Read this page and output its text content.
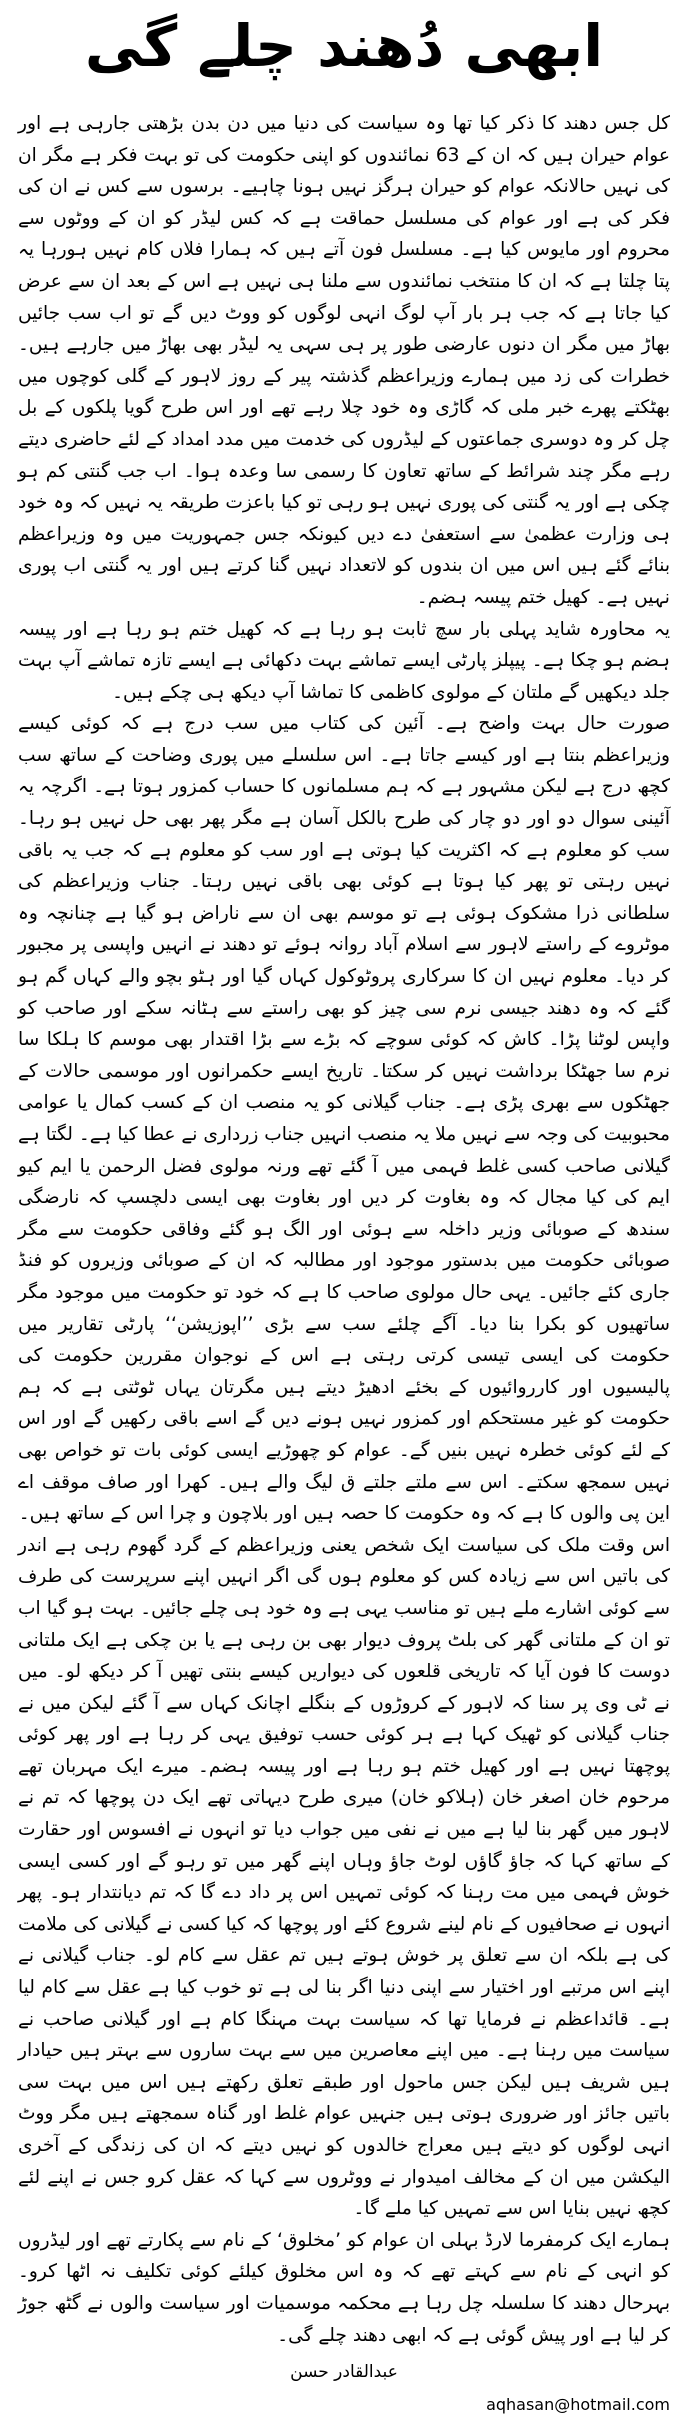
ابھی دُھند چلے گی

کل جس دھند کا ذکر کیا تھا وہ سیاست کی دنیا میں دن بدن بڑھتی جارہی ہے اور عوام حیران ہیں کہ ان کے 63 نمائندوں کو اپنی حکومت کی تو بہت فکر ہے مگر ان کی نہیں حالانکہ عوام کو حیران ہرگز نہیں ہونا چاہیے۔ برسوں سے کس نے ان کی فکر کی ہے اور عوام کی مسلسل حماقت ہے کہ کس لیڈر کو ان کے ووٹوں سے محروم اور مایوس کیا ہے۔ مسلسل فون آتے ہیں کہ ہمارا فلاں کام نہیں ہورہا یہ پتا چلتا ہے کہ ان کا منتخب نمائندوں سے ملنا ہی نہیں ہے اس کے بعد ان سے عرض کیا جاتا ہے کہ جب ہر بار آپ لوگ انہی لوگوں کو ووٹ دیں گے تو اب سب جائیں بھاڑ میں مگر ان دنوں عارضی طور پر ہی سہی یہ لیڈر بھی بھاڑ میں جارہے ہیں۔ خطرات کی زد میں ہمارے وزیراعظم گذشتہ پیر کے روز لاہور کے گلی کوچوں میں بھٹکتے پھرے خبر ملی کہ گاڑی وہ خود چلا رہے تھے اور اس طرح گویا پلکوں کے بل چل کر وہ دوسری جماعتوں کے لیڈروں کی خدمت میں مدد امداد کے لئے حاضری دیتے رہے مگر چند شرائط کے ساتھ تعاون کا رسمی سا وعدہ ہوا۔ اب جب گنتی کم ہو چکی ہے اور یہ گنتی کی پوری نہیں ہو رہی تو کیا باعزت طریقہ یہ نہیں کہ وہ خود ہی وزارت عظمیٰ سے استعفیٰ دے دیں کیونکہ جس جمہوریت میں وہ وزیراعظم بنائے گئے ہیں اس میں ان بندوں کو لاتعداد نہیں گنا کرتے ہیں اور یہ گنتی اب پوری نہیں ہے۔ کھیل ختم پیسہ ہضم۔

یہ محاورہ شاید پہلی بار سچ ثابت ہو رہا ہے کہ کھیل ختم ہو رہا ہے اور پیسہ ہضم ہو چکا ہے۔ پیپلز پارٹی ایسے تماشے بہت دکھائی ہے ایسے تازہ تماشے آپ بہت جلد دیکھیں گے ملتان کے مولوی کاظمی کا تماشا آپ دیکھ ہی چکے ہیں۔

صورت حال بہت واضح ہے۔ آئین کی کتاب میں سب درج ہے کہ کوئی کیسے وزیراعظم بنتا ہے اور کیسے جاتا ہے۔ اس سلسلے میں پوری وضاحت کے ساتھ سب کچھ درج ہے لیکن مشہور ہے کہ ہم مسلمانوں کا حساب کمزور ہوتا ہے۔ اگرچہ یہ آئینی سوال دو اور دو چار کی طرح بالکل آسان ہے مگر پھر بھی حل نہیں ہو رہا۔ سب کو معلوم ہے کہ اکثریت کیا ہوتی ہے اور سب کو معلوم ہے کہ جب یہ باقی نہیں رہتی تو پھر کیا ہوتا ہے کوئی بھی باقی نہیں رہتا۔ جناب وزیراعظم کی سلطانی ذرا مشکوک ہوئی ہے تو موسم بھی ان سے ناراض ہو گیا ہے چنانچہ وہ موٹروے کے راستے لاہور سے اسلام آباد روانہ ہوئے تو دھند نے انہیں واپسی پر مجبور کر دیا۔ معلوم نہیں ان کا سرکاری پروٹوکول کہاں گیا اور ہٹو بچو والے کہاں گم ہو گئے کہ وہ دھند جیسی نرم سی چیز کو بھی راستے سے ہٹانہ سکے اور صاحب کو واپس لوٹنا پڑا۔ کاش کہ کوئی سوچے کہ بڑے سے بڑا اقتدار بھی موسم کا ہلکا سا نرم سا جھٹکا برداشت نہیں کر سکتا۔ تاریخ ایسے حکمرانوں اور موسمی حالات کے جھٹکوں سے بھری پڑی ہے۔ جناب گیلانی کو یہ منصب ان کے کسب کمال یا عوامی محبوبیت کی وجہ سے نہیں ملا یہ منصب انہیں جناب زرداری نے عطا کیا ہے۔ لگتا ہے گیلانی صاحب کسی غلط فہمی میں آ گئے تھے ورنہ مولوی فضل الرحمن یا ایم کیو ایم کی کیا مجال کہ وہ بغاوت کر دیں اور بغاوت بھی ایسی دلچسپ کہ نارضگی سندھ کے صوبائی وزیر داخلہ سے ہوئی اور الگ ہو گئے وفاقی حکومت سے مگر صوبائی حکومت میں بدستور موجود اور مطالبہ کہ ان کے صوبائی وزیروں کو فنڈ جاری کئے جائیں۔ یہی حال مولوی صاحب کا ہے کہ خود تو حکومت میں موجود مگر ساتھیوں کو بکرا بنا دیا۔ آگے چلئے سب سے بڑی ’’اپوزیشن‘‘ پارٹی تقاریر میں حکومت کی ایسی تیسی کرتی رہتی ہے اس کے نوجوان مقررین حکومت کی پالیسیوں اور کارروائیوں کے بخئے ادھیڑ دیتے ہیں مگرتان یہاں ٹوٹتی ہے کہ ہم حکومت کو غیر مستحکم اور کمزور نہیں ہونے دیں گے اسے باقی رکھیں گے اور اس کے لئے کوئی خطرہ نہیں بنیں گے۔ عوام کو چھوڑیے ایسی کوئی بات تو خواص بھی نہیں سمجھ سکتے۔ اس سے ملتے جلتے ق لیگ والے ہیں۔ کھرا اور صاف موقف اے این پی والوں کا ہے کہ وہ حکومت کا حصہ ہیں اور بلاچون و چرا اس کے ساتھ ہیں۔

اس وقت ملک کی سیاست ایک شخص یعنی وزیراعظم کے گرد گھوم رہی ہے اندر کی باتیں اس سے زیادہ کس کو معلوم ہوں گی اگر انہیں اپنے سرپرست کی طرف سے کوئی اشارے ملے ہیں تو مناسب یہی ہے وہ خود ہی چلے جائیں۔ بہت ہو گیا اب تو ان کے ملتانی گھر کی بلٹ پروف دیوار بھی بن رہی ہے یا بن چکی ہے ایک ملتانی دوست کا فون آیا کہ تاریخی قلعوں کی دیواریں کیسے بنتی تھیں آ کر دیکھ لو۔ میں نے ٹی وی پر سنا کہ لاہور کے کروڑوں کے بنگلے اچانک کہاں سے آ گئے لیکن میں نے جناب گیلانی کو ٹھیک کہا ہے ہر کوئی حسب توفیق یہی کر رہا ہے اور پھر کوئی پوچھتا نہیں ہے اور کھیل ختم ہو رہا ہے اور پیسہ ہضم۔ میرے ایک مہربان تھے مرحوم خان اصغر خان (ہلاکو خان) میری طرح دیہاتی تھے ایک دن پوچھا کہ تم نے لاہور میں گھر بنا لیا ہے میں نے نفی میں جواب دیا تو انہوں نے افسوس اور حقارت کے ساتھ کہا کہ جاؤ گاؤں لوٹ جاؤ وہاں اپنے گھر میں تو رہو گے اور کسی ایسی خوش فہمی میں مت رہنا کہ کوئی تمہیں اس پر داد دے گا کہ تم دیانتدار ہو۔ پھر انہوں نے صحافیوں کے نام لینے شروع کئے اور پوچھا کہ کیا کسی نے گیلانی کی ملامت کی ہے بلکہ ان سے تعلق پر خوش ہوتے ہیں تم عقل سے کام لو۔ جناب گیلانی نے اپنے اس مرتبے اور اختیار سے اپنی دنیا اگر بنا لی ہے تو خوب کیا ہے عقل سے کام لیا ہے۔ قائداعظم نے فرمایا تھا کہ سیاست بہت مہنگا کام ہے اور گیلانی صاحب نے سیاست میں رہنا ہے۔ میں اپنے معاصرین میں سے بہت ساروں سے بہتر ہیں حیادار ہیں شریف ہیں لیکن جس ماحول اور طبقے تعلق رکھتے ہیں اس میں بہت سی باتیں جائز اور ضروری ہوتی ہیں جنہیں عوام غلط اور گناہ سمجھتے ہیں مگر ووٹ انہی لوگوں کو دیتے ہیں معراج خالدوں کو نہیں دیتے کہ ان کی زندگی کے آخری الیکشن میں ان کے مخالف امیدوار نے ووٹروں سے کہا کہ عقل کرو جس نے اپنے لئے کچھ نہیں بنایا اس سے تمہیں کیا ملے گا۔

ہمارے ایک کرمفرما لارڈ بہلی ان عوام کو ’مخلوق‘ کے نام سے پکارتے تھے اور لیڈروں کو انہی کے نام سے کہتے تھے کہ وہ اس مخلوق کیلئے کوئی تکلیف نہ اٹھا کرو۔ بہرحال دھند کا سلسلہ چل رہا ہے محکمہ موسمیات اور سیاست والوں نے گٹھ جوڑ کر لیا ہے اور پیش گوئی ہے کہ ابھی دھند چلے گی۔

عبدالقادر حسن
aqhasan@hotmail.com
